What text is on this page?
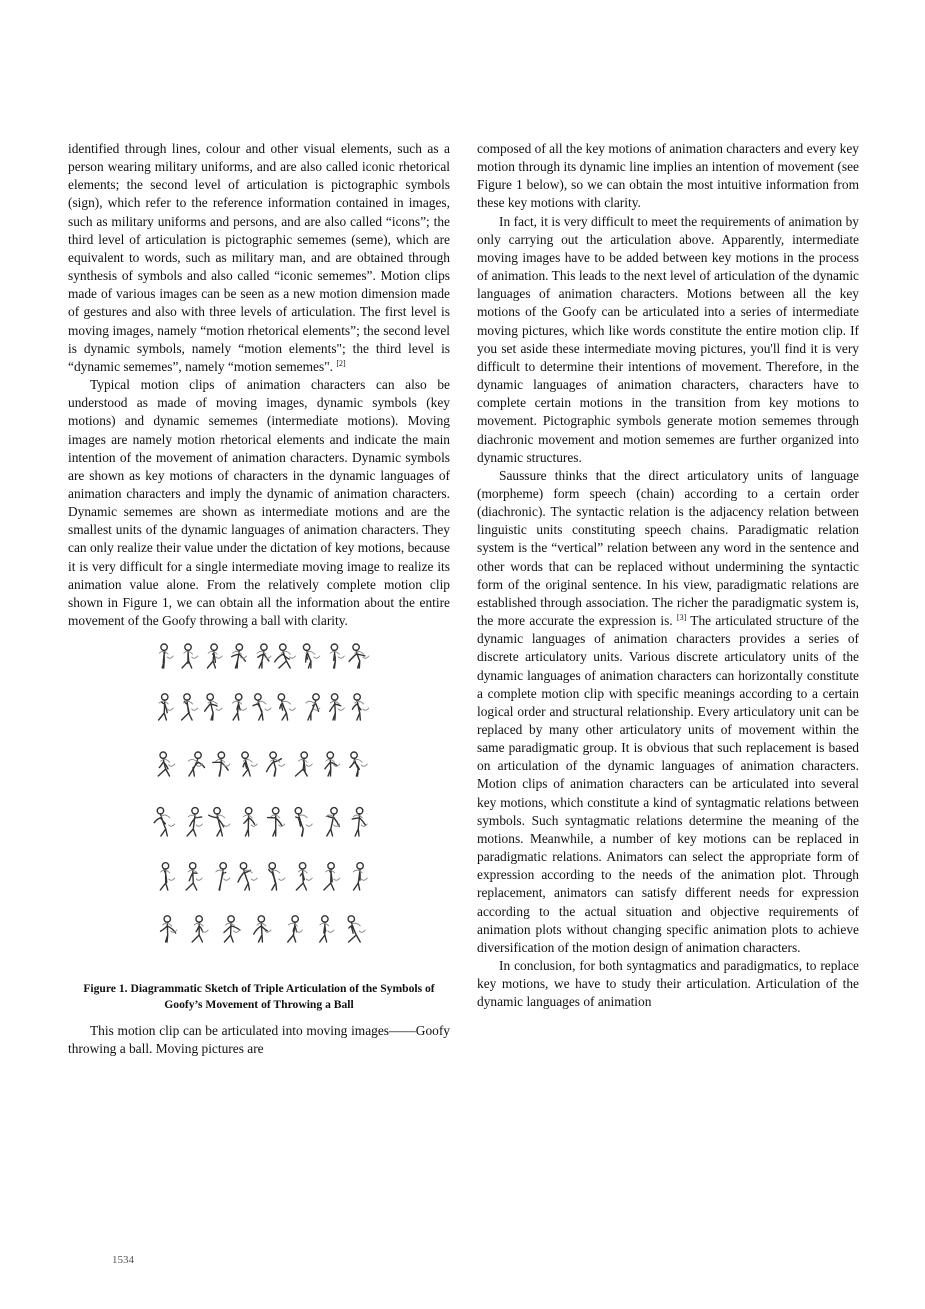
identified through lines, colour and other visual elements, such as a person wearing military uniforms, and are also called iconic rhetorical elements; the second level of articulation is pictographic symbols (sign), which refer to the reference information contained in images, such as military uniforms and persons, and are also called “icons”; the third level of articulation is pictographic sememes (seme), which are equivalent to words, such as military man, and are obtained through synthesis of symbols and also called “iconic sememes”. Motion clips made of various images can be seen as a new motion dimension made of gestures and also with three levels of articulation. The first level is moving images, namely “motion rhetorical elements”; the second level is dynamic symbols, namely “motion elements"; the third level is “dynamic sememes”, namely “motion sememes". [2]

Typical motion clips of animation characters can also be understood as made of moving images, dynamic symbols (key motions) and dynamic sememes (intermediate motions). Moving images are namely motion rhetorical elements and indicate the main intention of the movement of animation characters. Dynamic symbols are shown as key motions of characters in the dynamic languages of animation characters and imply the dynamic of animation characters. Dynamic sememes are shown as intermediate motions and are the smallest units of the dynamic languages of animation characters. They can only realize their value under the dictation of key motions, because it is very difficult for a single intermediate moving image to realize its animation value alone. From the relatively complete motion clip shown in Figure 1, we can obtain all the information about the entire movement of the Goofy throwing a ball with clarity.

Figure 1. Diagrammatic Sketch of Triple Articulation of the Symbols of Goofy’s Movement of Throwing a Ball

This motion clip can be articulated into moving images——Goofy throwing a ball. Moving pictures are

composed of all the key motions of animation characters and every key motion through its dynamic line implies an intention of movement (see Figure 1 below), so we can obtain the most intuitive information from these key motions with clarity.

In fact, it is very difficult to meet the requirements of animation by only carrying out the articulation above. Apparently, intermediate moving images have to be added between key motions in the process of animation. This leads to the next level of articulation of the dynamic languages of animation characters. Motions between all the key motions of the Goofy can be articulated into a series of intermediate moving pictures, which like words constitute the entire motion clip. If you set aside these intermediate moving pictures, you'll find it is very difficult to determine their intentions of movement. Therefore, in the dynamic languages of animation characters, characters have to complete certain motions in the transition from key motions to movement. Pictographic symbols generate motion sememes through diachronic movement and motion sememes are further organized into dynamic structures.

Saussure thinks that the direct articulatory units of language (morpheme) form speech (chain) according to a certain order (diachronic). The syntactic relation is the adjacency relation between linguistic units constituting speech chains. Paradigmatic relation system is the “vertical” relation between any word in the sentence and other words that can be replaced without undermining the syntactic form of the original sentence. In his view, paradigmatic relations are established through association. The richer the paradigmatic system is, the more accurate the expression is. [3] The articulated structure of the dynamic languages of animation characters provides a series of discrete articulatory units. Various discrete articulatory units of the dynamic languages of animation characters can horizontally constitute a complete motion clip with specific meanings according to a certain logical order and structural relationship. Every articulatory unit can be replaced by many other articulatory units of movement within the same paradigmatic group. It is obvious that such replacement is based on articulation of the dynamic languages of animation characters. Motion clips of animation characters can be articulated into several key motions, which constitute a kind of syntagmatic relations between symbols. Such syntagmatic relations determine the meaning of the motions. Meanwhile, a number of key motions can be replaced in paradigmatic relations. Animators can select the appropriate form of expression according to the needs of the animation plot. Through replacement, animators can satisfy different needs for expression according to the actual situation and objective requirements of animation plots without changing specific animation plots to achieve diversification of the motion design of animation characters.

In conclusion, for both syntagmatics and paradigmatics, to replace key motions, we have to study their articulation. Articulation of the dynamic languages of animation

1534
